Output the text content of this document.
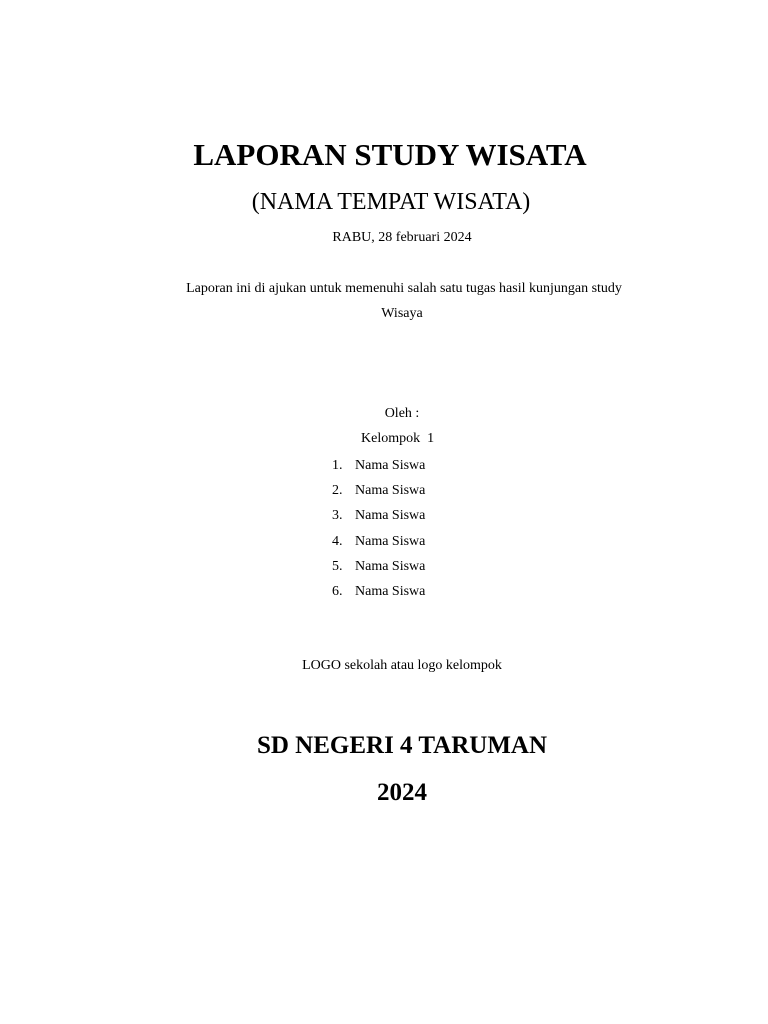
LAPORAN STUDY WISATA
(NAMA TEMPAT WISATA)
RABU, 28 februari 2024
Laporan ini di ajukan untuk memenuhi salah satu tugas hasil kunjungan study
Wisaya
Oleh :
Kelompok  1
1. Nama Siswa
2. Nama Siswa
3. Nama Siswa
4. Nama Siswa
5. Nama Siswa
6. Nama Siswa
LOGO sekolah atau logo kelompok
SD NEGERI 4 TARUMAN
2024
